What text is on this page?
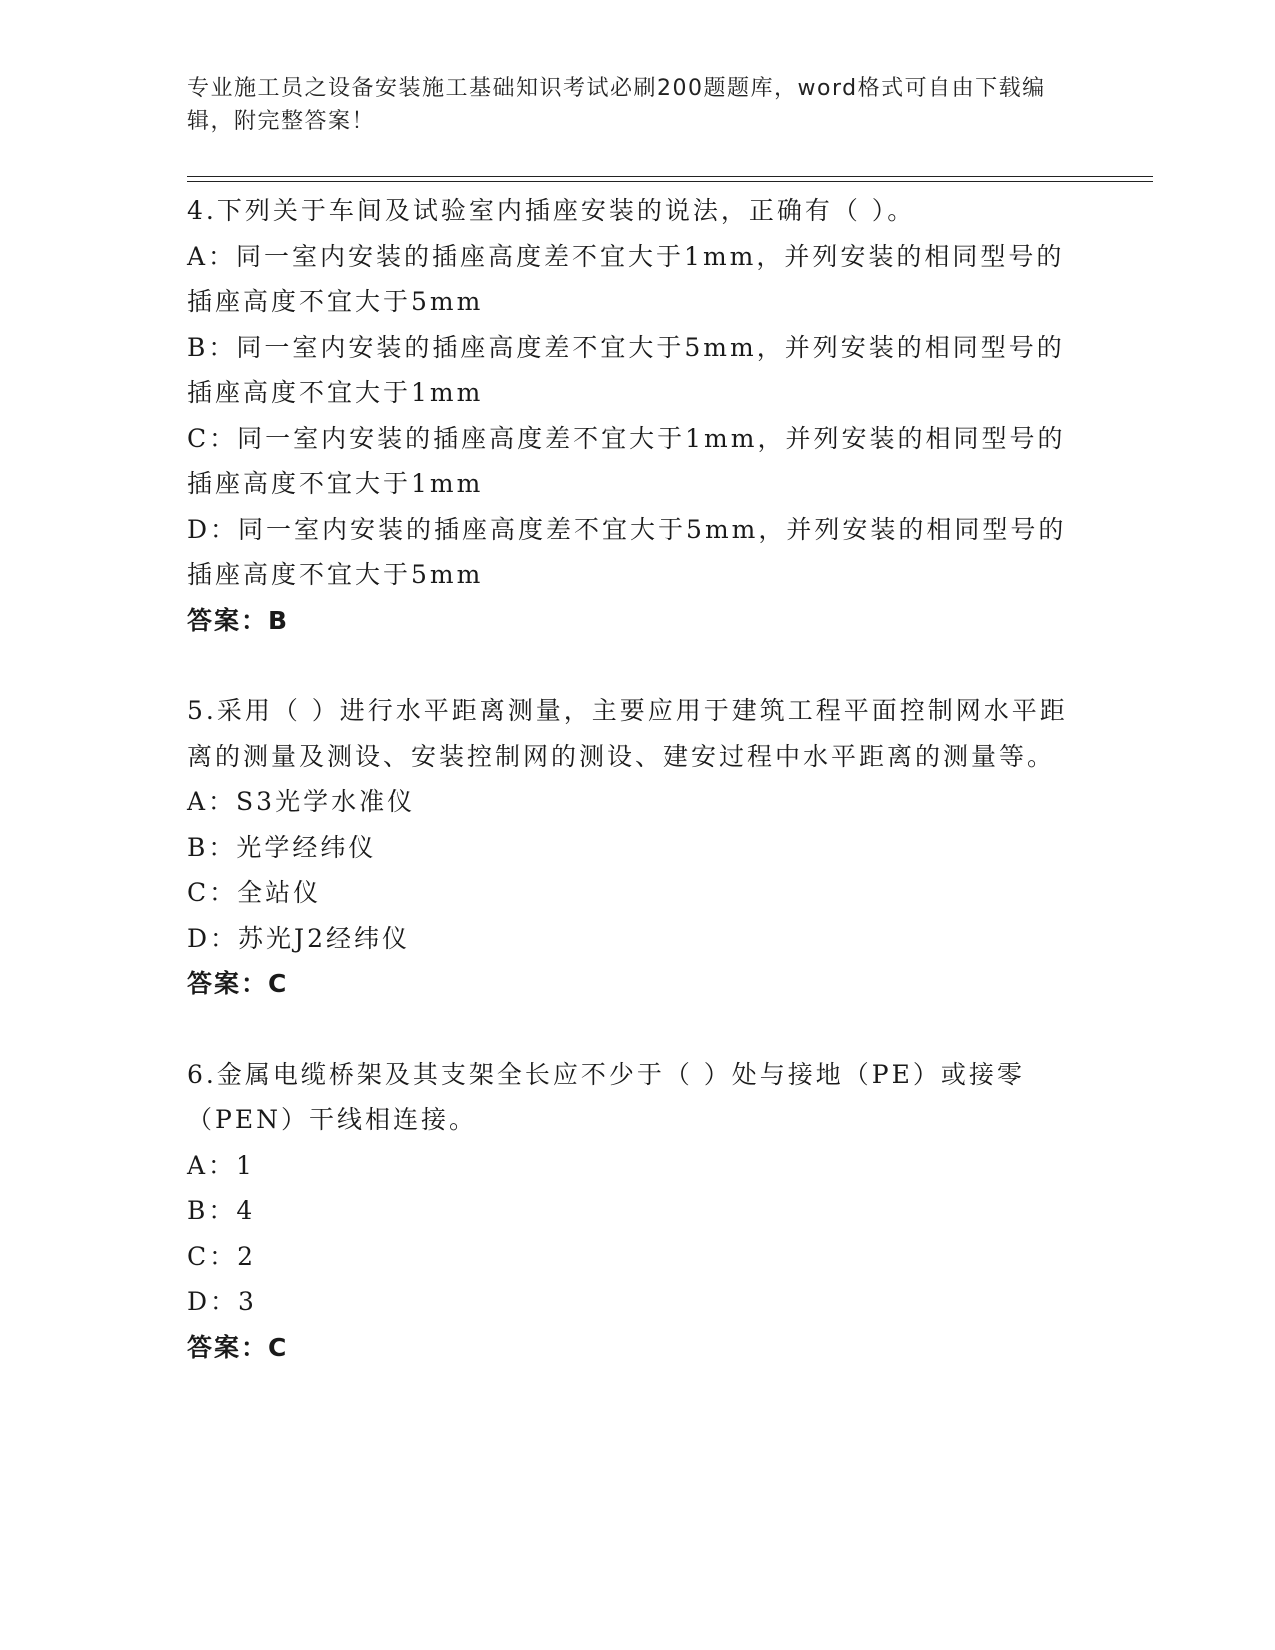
专业施工员之设备安装施工基础知识考试必刷200题题库，word格式可自由下载编辑，附完整答案！

4.下列关于车间及试验室内插座安装的说法，正确有（ ）。

A：同一室内安装的插座高度差不宜大于1mm，并列安装的相同型号的插座高度不宜大于5mm

B：同一室内安装的插座高度差不宜大于5mm，并列安装的相同型号的插座高度不宜大于1mm

C：同一室内安装的插座高度差不宜大于1mm，并列安装的相同型号的插座高度不宜大于1mm

D：同一室内安装的插座高度差不宜大于5mm，并列安装的相同型号的插座高度不宜大于5mm

答案：B

5.采用（ ）进行水平距离测量，主要应用于建筑工程平面控制网水平距离的测量及测设、安装控制网的测设、建安过程中水平距离的测量等。

A：S3光学水准仪

B：光学经纬仪

C：全站仪

D：苏光J2经纬仪

答案：C

6.金属电缆桥架及其支架全长应不少于（ ）处与接地（PE）或接零（PEN）干线相连接。

A：1

B：4

C：2

D：3

答案：C
